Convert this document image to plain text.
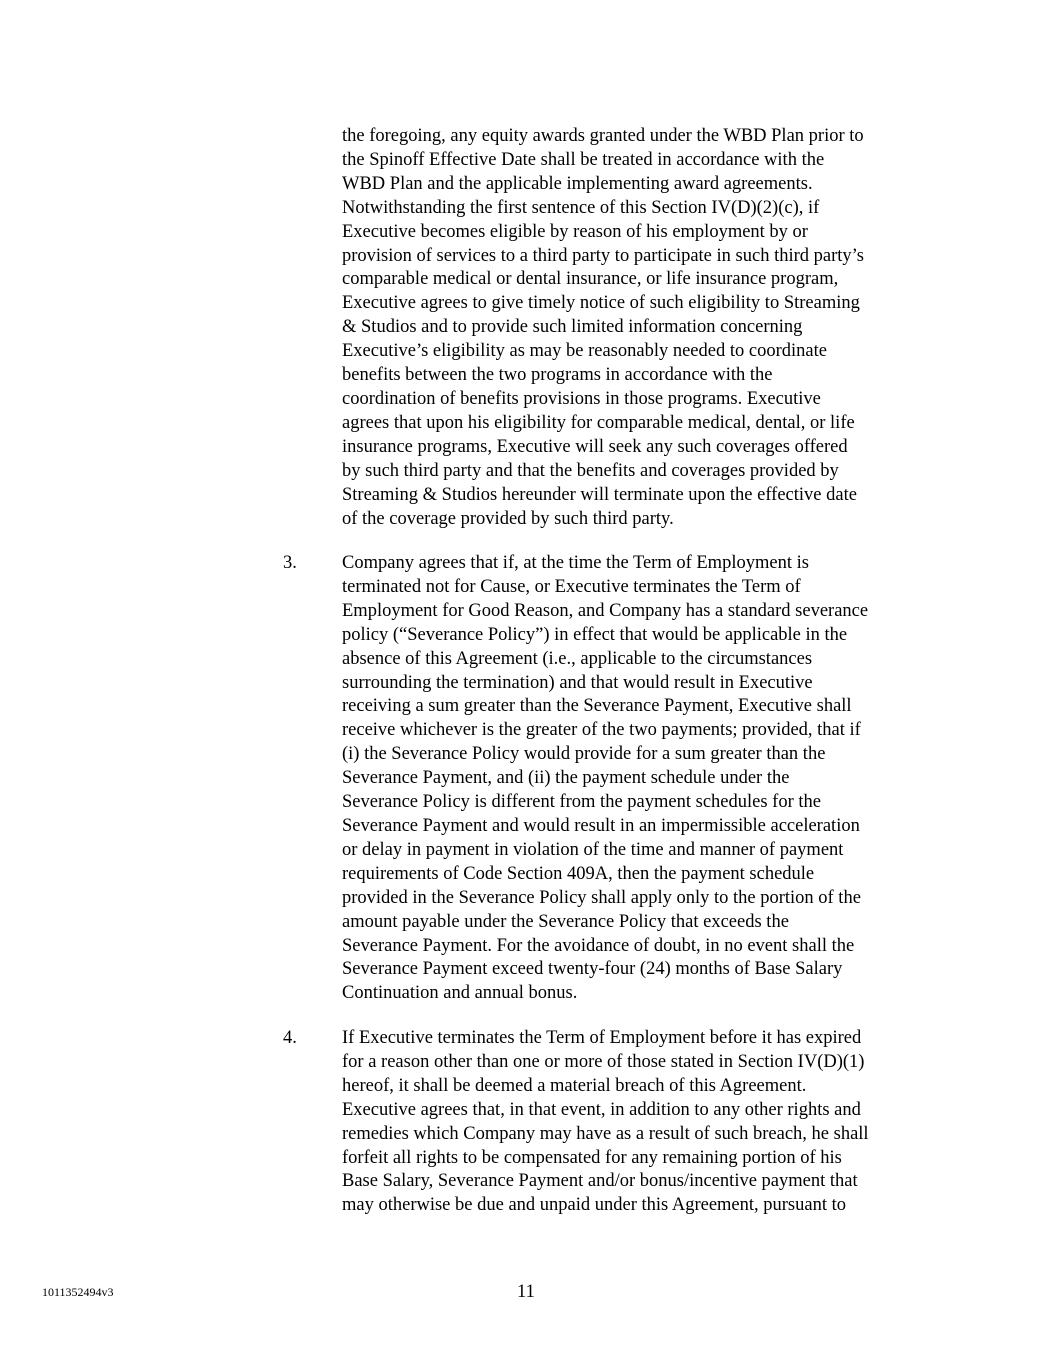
the foregoing, any equity awards granted under the WBD Plan prior to
the Spinoff Effective Date shall be treated in accordance with the
WBD Plan and the applicable implementing award agreements.
Notwithstanding the first sentence of this Section IV(D)(2)(c), if
Executive becomes eligible by reason of his employment by or
provision of services to a third party to participate in such third party’s
comparable medical or dental insurance, or life insurance program,
Executive agrees to give timely notice of such eligibility to Streaming
& Studios and to provide such limited information concerning
Executive’s eligibility as may be reasonably needed to coordinate
benefits between the two programs in accordance with the
coordination of benefits provisions in those programs. Executive
agrees that upon his eligibility for comparable medical, dental, or life
insurance programs, Executive will seek any such coverages offered
by such third party and that the benefits and coverages provided by
Streaming & Studios hereunder will terminate upon the effective date
of the coverage provided by such third party.
3. Company agrees that if, at the time the Term of Employment is
terminated not for Cause, or Executive terminates the Term of
Employment for Good Reason, and Company has a standard severance
policy (“Severance Policy”) in effect that would be applicable in the
absence of this Agreement (i.e., applicable to the circumstances
surrounding the termination) and that would result in Executive
receiving a sum greater than the Severance Payment, Executive shall
receive whichever is the greater of the two payments; provided, that if
(i) the Severance Policy would provide for a sum greater than the
Severance Payment, and (ii) the payment schedule under the
Severance Policy is different from the payment schedules for the
Severance Payment and would result in an impermissible acceleration
or delay in payment in violation of the time and manner of payment
requirements of Code Section 409A, then the payment schedule
provided in the Severance Policy shall apply only to the portion of the
amount payable under the Severance Policy that exceeds the
Severance Payment. For the avoidance of doubt, in no event shall the
Severance Payment exceed twenty-four (24) months of Base Salary
Continuation and annual bonus.
4. If Executive terminates the Term of Employment before it has expired
for a reason other than one or more of those stated in Section IV(D)(1)
hereof, it shall be deemed a material breach of this Agreement.
Executive agrees that, in that event, in addition to any other rights and
remedies which Company may have as a result of such breach, he shall
forfeit all rights to be compensated for any remaining portion of his
Base Salary, Severance Payment and/or bonus/incentive payment that
may otherwise be due and unpaid under this Agreement, pursuant to
1011352494v3	11
